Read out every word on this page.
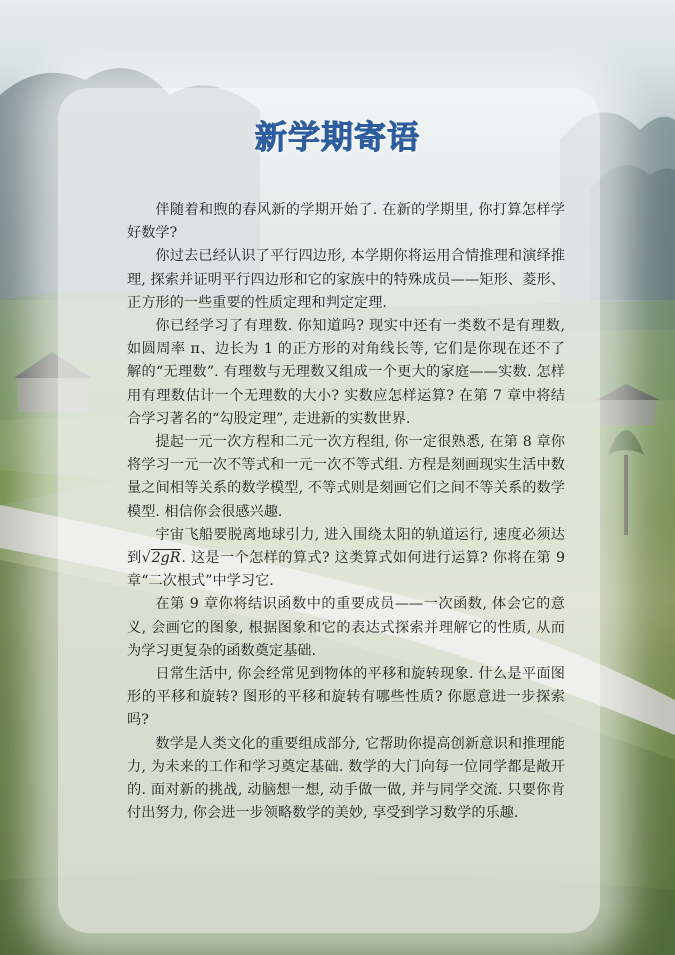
新学期寄语

伴随着和煦的春风新的学期开始了. 在新的学期里, 你打算怎样学好数学?

你过去已经认识了平行四边形, 本学期你将运用合情推理和演绎推理, 探索并证明平行四边形和它的家族中的特殊成员——矩形、菱形、正方形的一些重要的性质定理和判定定理.

你已经学习了有理数. 你知道吗? 现实中还有一类数不是有理数, 如圆周率 π、边长为 1 的正方形的对角线长等, 它们是你现在还不了解的“无理数”. 有理数与无理数又组成一个更大的家庭——实数. 怎样用有理数估计一个无理数的大小? 实数应怎样运算? 在第 7 章中将结合学习著名的“勾股定理”, 走进新的实数世界.

提起一元一次方程和二元一次方程组, 你一定很熟悉, 在第 8 章你将学习一元一次不等式和一元一次不等式组. 方程是刻画现实生活中数量之间相等关系的数学模型, 不等式则是刻画它们之间不等关系的数学模型. 相信你会很感兴趣.

宇宙飞船要脱离地球引力, 进入围绕太阳的轨道运行, 速度必须达到√2gR. 这是一个怎样的算式? 这类算式如何进行运算? 你将在第 9 章“二次根式”中学习它.

在第 9 章你将结识函数中的重要成员——一次函数, 体会它的意义, 会画它的图象, 根据图象和它的表达式探索并理解它的性质, 从而为学习更复杂的函数奠定基础.

日常生活中, 你会经常见到物体的平移和旋转现象. 什么是平面图形的平移和旋转? 图形的平移和旋转有哪些性质? 你愿意进一步探索吗?

数学是人类文化的重要组成部分, 它帮助你提高创新意识和推理能力, 为未来的工作和学习奠定基础. 数学的大门向每一位同学都是敞开的. 面对新的挑战, 动脑想一想, 动手做一做, 并与同学交流. 只要你肯付出努力, 你会进一步领略数学的美妙, 享受到学习数学的乐趣.
